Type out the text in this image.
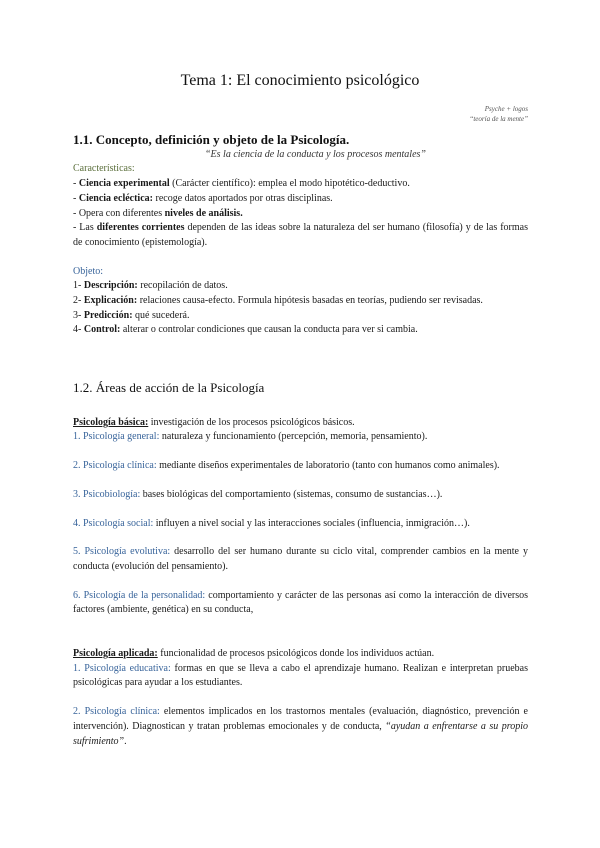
Tema 1: El conocimiento psicológico
Psyche + logos
“teoría de la mente”

1.1. Concepto, definición y objeto de la Psicología.

“Es la ciencia de la conducta y los procesos mentales”

Características:

- Ciencia experimental (Carácter científico): emplea el modo hipotético-deductivo.

- Ciencia ecléctica: recoge datos aportados por otras disciplinas.

- Opera con diferentes niveles de análisis.

- Las diferentes corrientes dependen de las ideas sobre la naturaleza del ser humano (filosofía) y de las formas de conocimiento (epistemología).

Objeto:

1- Descripción: recopilación de datos.

2- Explicación: relaciones causa-efecto. Formula hipótesis basadas en teorías, pudiendo ser revisadas.

3- Predicción: qué sucederá.

4- Control: alterar o controlar condiciones que causan la conducta para ver si cambia.

1.2. Áreas de acción de la Psicología

Psicología básica: investigación de los procesos psicológicos básicos.

1. Psicología general: naturaleza y funcionamiento (percepción, memoria, pensamiento).

2. Psicología clínica: mediante diseños experimentales de laboratorio (tanto con humanos como animales).

3. Psicobiología: bases biológicas del comportamiento (sistemas, consumo de sustancias…).

4. Psicología social: influyen a nivel social y las interacciones sociales (influencia, inmigración…).

5. Psicología evolutiva: desarrollo del ser humano durante su ciclo vital, comprender cambios en la mente y conducta (evolución del pensamiento).

6. Psicología de la personalidad: comportamiento y carácter de las personas así como la interacción de diversos factores (ambiente, genética) en su conducta,

Psicología aplicada: funcionalidad de procesos psicológicos donde los individuos actúan.

1. Psicología educativa: formas en que se lleva a cabo el aprendizaje humano. Realizan e interpretan pruebas psicológicas para ayudar a los estudiantes.

2. Psicología clínica: elementos implicados en los trastornos mentales (evaluación, diagnóstico, prevención e intervención). Diagnostican y tratan problemas emocionales y de conducta, “ayudan a enfrentarse a su propio sufrimiento”.
